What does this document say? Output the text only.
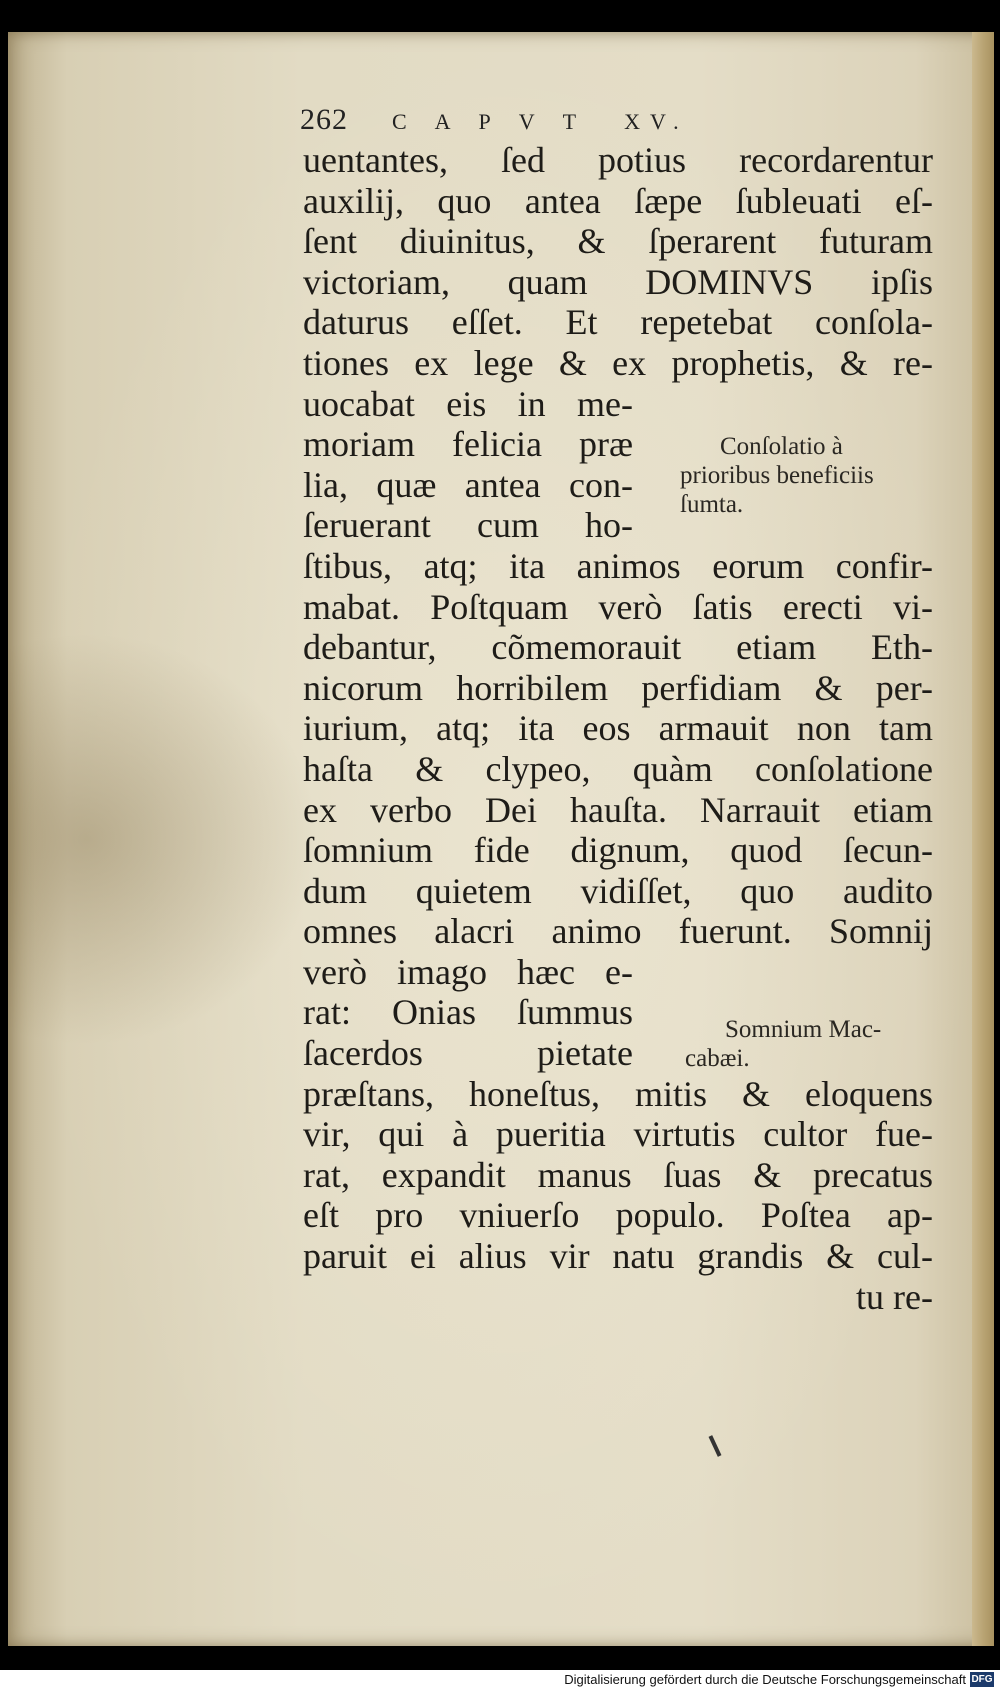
262 CAPVT XV.
uentantes, ſed potius recordarentur
auxilij, quo antea ſæpe ſubleuati eſ-
ſent diuinitus, & ſperarent futuram
victoriam, quam DOMINVS ipſis
daturus eſſet. Et repetebat conſola-
tiones ex lege & ex prophetis, & re-
uocabat eis in me-
moriam felicia præ
lia, quæ antea con-
ſeruerant cum ho-
ſtibus, atq; ita animos eorum confir-
mabat. Poſtquam verò ſatis erecti vi-
debantur, cõmemorauit etiam Eth-
nicorum horribilem perfidiam & per-
iurium, atq; ita eos armauit non tam
haſta & clypeo, quàm conſolatione
ex verbo Dei hauſta. Narrauit etiam
ſomnium fide dignum, quod ſecun-
dum quietem vidiſſet, quo audito
omnes alacri animo fuerunt. Somnij
verò imago hæc e-
rat: Onias ſummus
ſacerdos pietate
præſtans, honeſtus, mitis & eloquens
vir, qui à pueritia virtutis cultor fue-
rat, expandit manus ſuas & precatus
eſt pro vniuerſo populo. Poſtea ap-
paruit ei alius vir natu grandis & cul-
tu re-
Conſolatio à
prioribus beneficiis
ſumta.
Somnium Mac-
cabæi.
Digitalisierung gefördert durch die Deutsche Forschungsgemeinschaft DFG
